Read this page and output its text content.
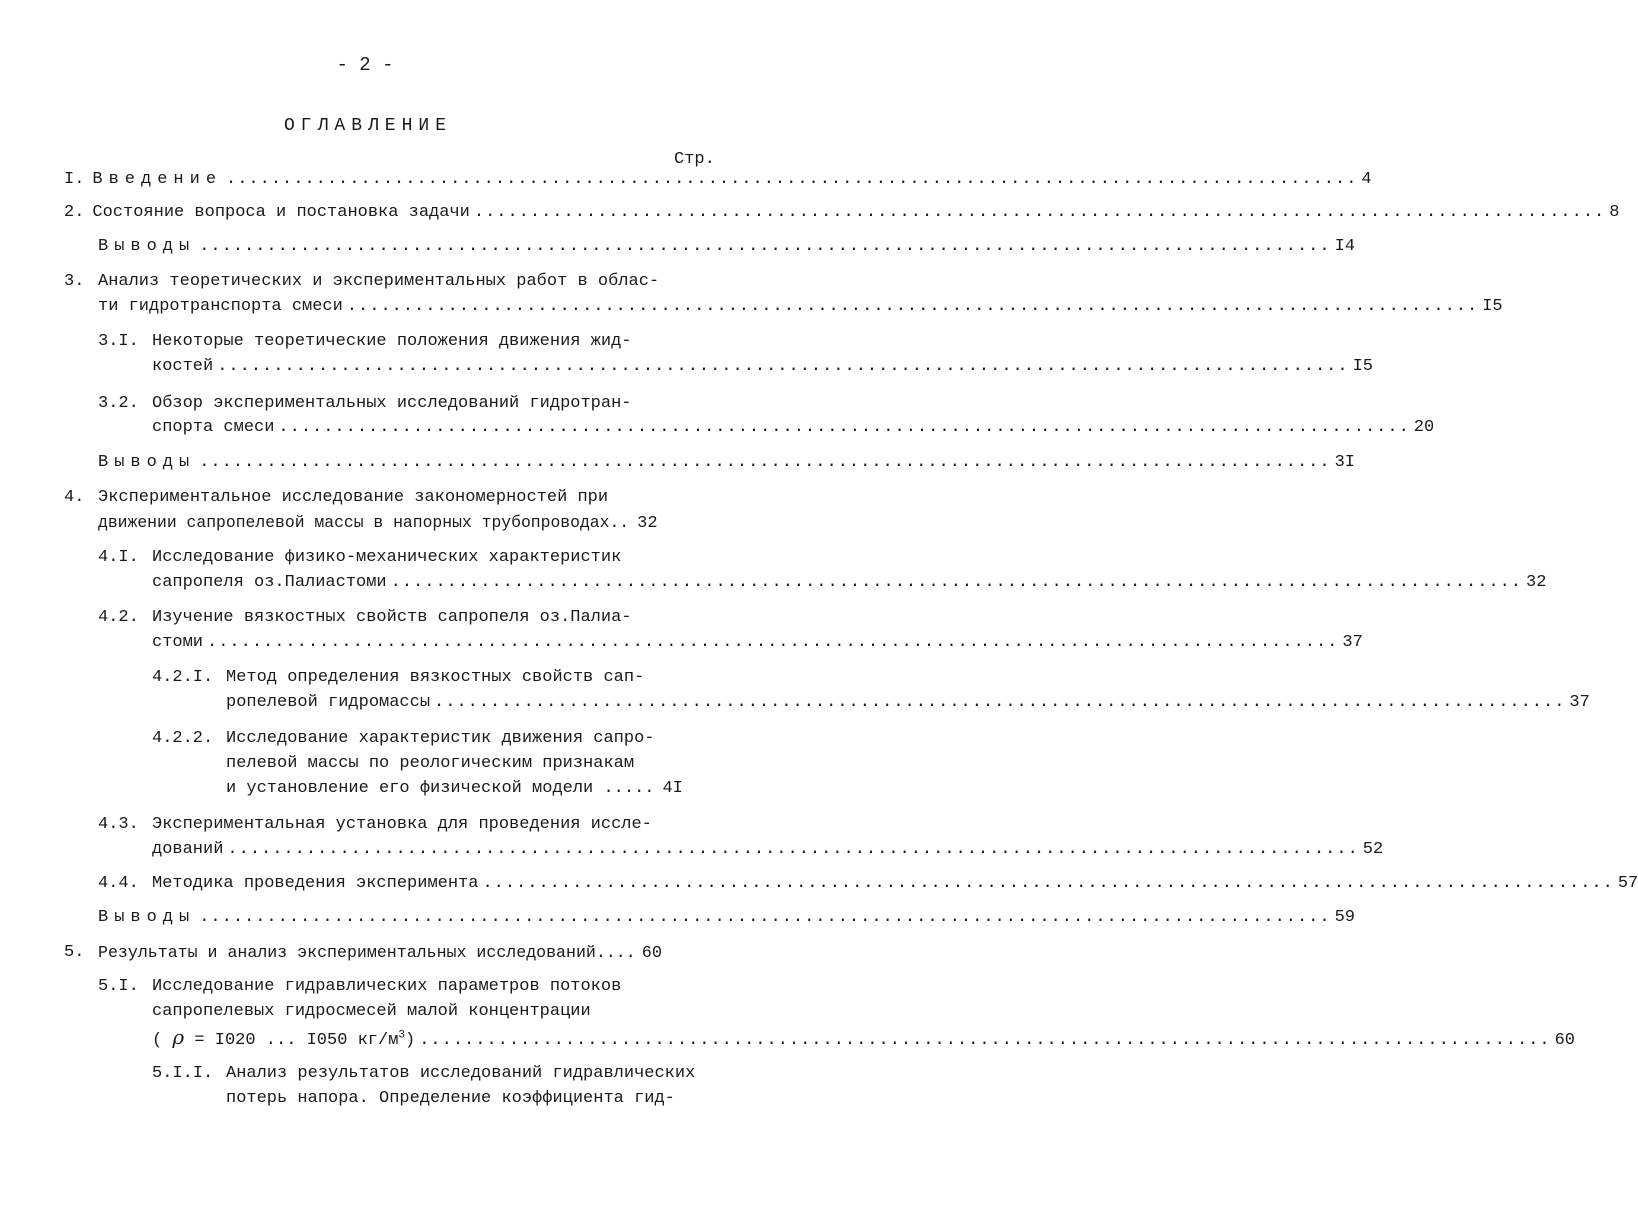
- 2 -
ОГЛАВЛЕНИЕ
Стр.
I. Введение ..................................................................................................... 4
2. Состояние вопроса и постановка задачи ..................................................................................................... 8
Выводы ..................................................................................................... I4
3. Анализ теоретических и экспериментальных работ в облас-
ти гидротранспорта смеси ..................................................................................................... I5
3.I. Некоторые теоретические положения движения жид-
костей ..................................................................................................... I5
3.2. Обзор экспериментальных исследований гидротран-
спорта смеси ..................................................................................................... 20
Выводы ..................................................................................................... 3I
4. Экспериментальное исследование закономерностей при
движении сапропелевой массы в напорных трубопроводах.. 32
4.I. Исследование физико-механических характеристик
сапропеля оз.Палиастоми ..................................................................................................... 32
4.2. Изучение вязкостных свойств сапропеля оз.Палиа-
стоми ..................................................................................................... 37
4.2.I. Метод определения вязкостных свойств сап-
ропелевой гидромассы ..................................................................................................... 37
4.2.2. Исследование характеристик движения сапро-
пелевой массы по реологическим признакам
и установление его физической модели ..... 4I
4.3. Экспериментальная установка для проведения иссле-
дований ..................................................................................................... 52
4.4. Методика проведения эксперимента ..................................................................................................... 57
Выводы ..................................................................................................... 59
5. Результаты и анализ экспериментальных исследований.... 60
5.I. Исследование гидравлических параметров потоков
сапропелевых гидросмесей малой концентрации
( ρ = I020 ... I050 $кг/м^3$) ..................................................................................................... 60
5.I.I. Анализ результатов исследований гидравлических
потерь напора. Определение коэффициента гид-
